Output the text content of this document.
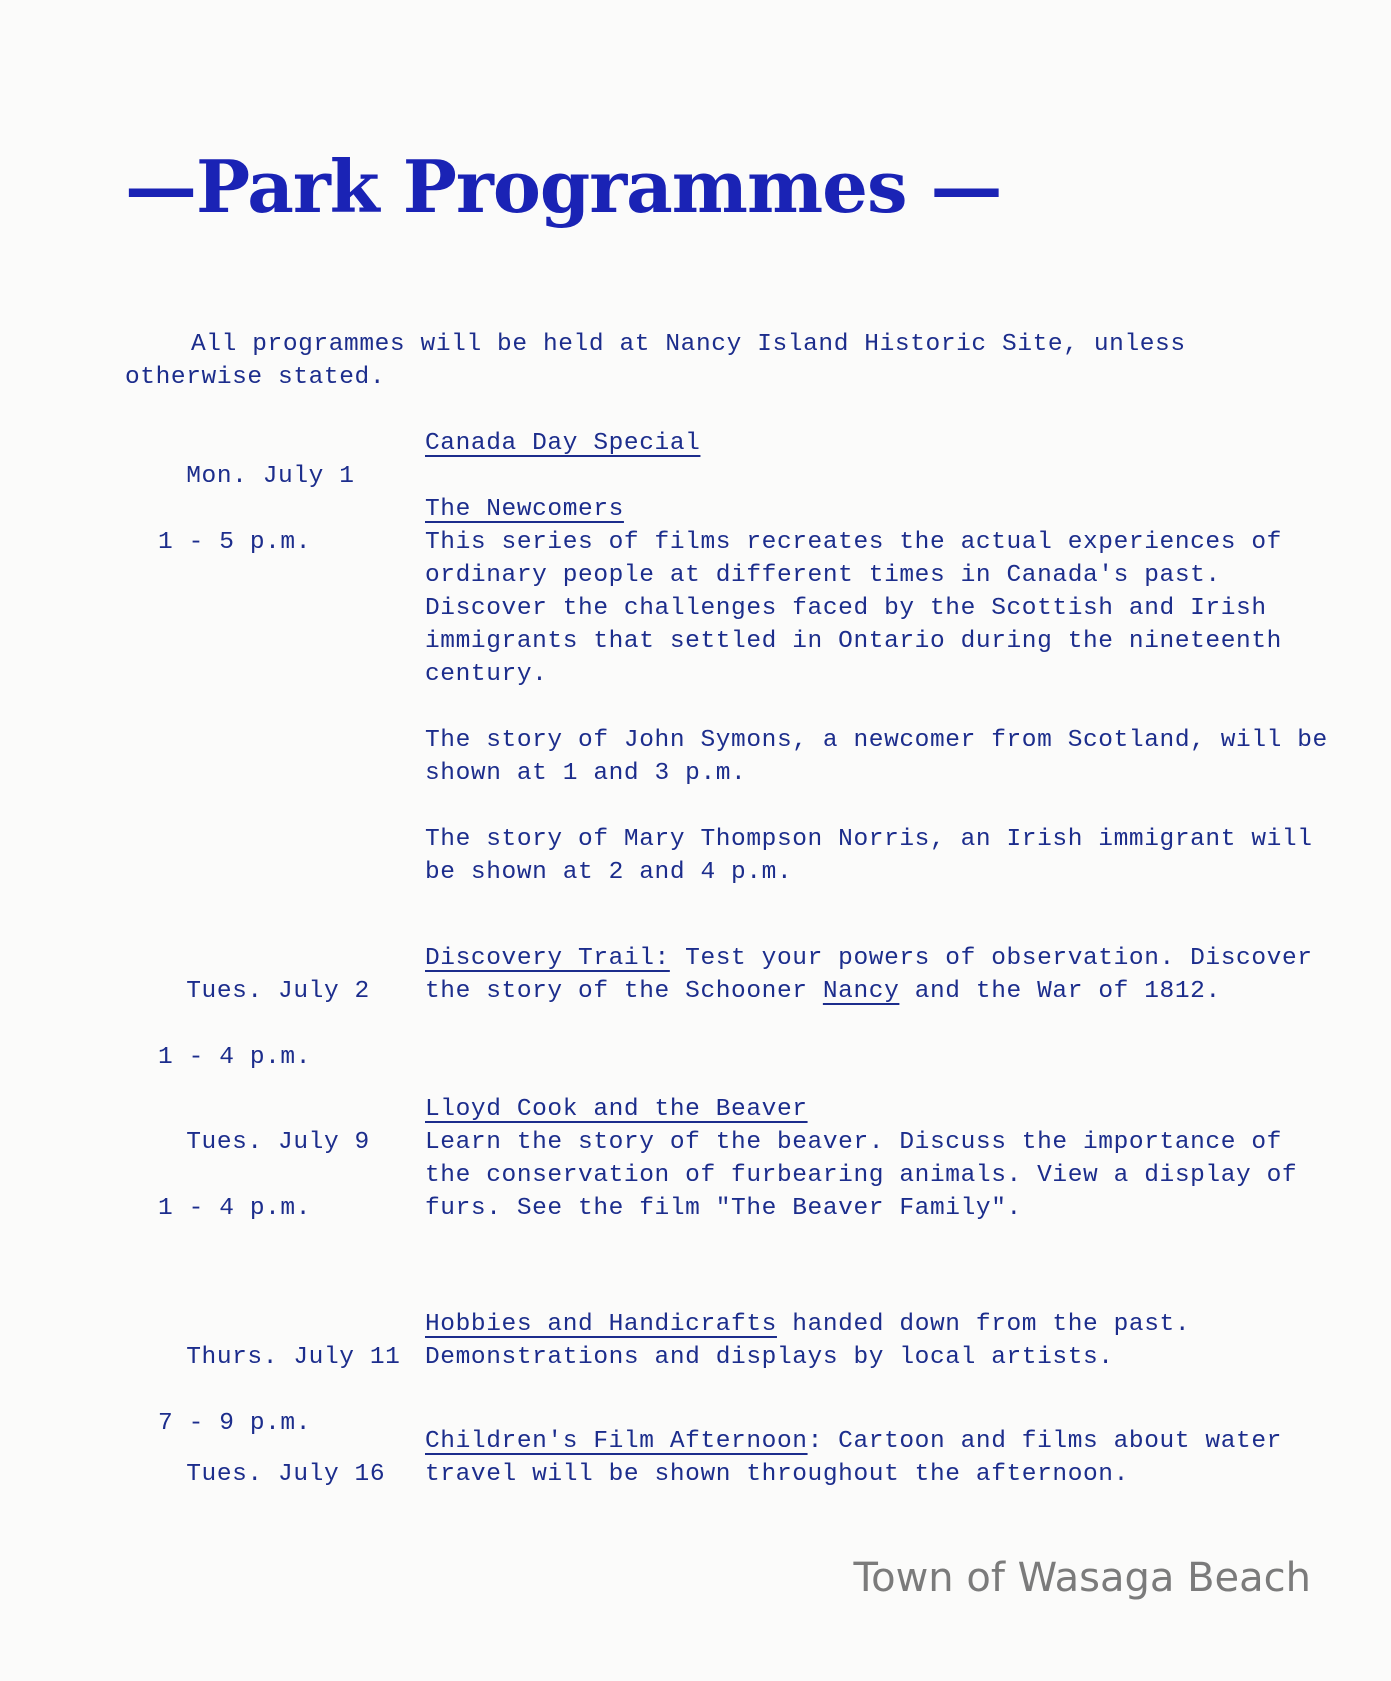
—Park Programmes —

All programmes will be held at Nancy Island Historic Site, unless otherwise stated.

Mon. July 1

1 - 5 p.m.

Canada Day Special

The Newcomers

This series of films recreates the actual experiences of ordinary people at different times in Canada's past. Discover the challenges faced by the Scottish and Irish immigrants that settled in Ontario during the nineteenth century.

The story of John Symons, a newcomer from Scotland, will be shown at 1 and 3 p.m.

The story of Mary Thompson Norris, an Irish immigrant will be shown at 2 and 4 p.m.

Tues. July 2

1 - 4 p.m.

Discovery Trail: Test your powers of observation. Discover the story of the Schooner Nancy and the War of 1812.

Tues. July 9

1 - 4 p.m.

Lloyd Cook and the Beaver

Learn the story of the beaver. Discuss the importance of the conservation of furbearing animals. View a display of furs. See the film "The Beaver Family".

Thurs. July 11

7 - 9 p.m.

Hobbies and Handicrafts handed down from the past. Demonstrations and displays by local artists.

Tues. July 16

Children's Film Afternoon: Cartoon and films about water travel will be shown throughout the afternoon.

Town of Wasaga Beach
